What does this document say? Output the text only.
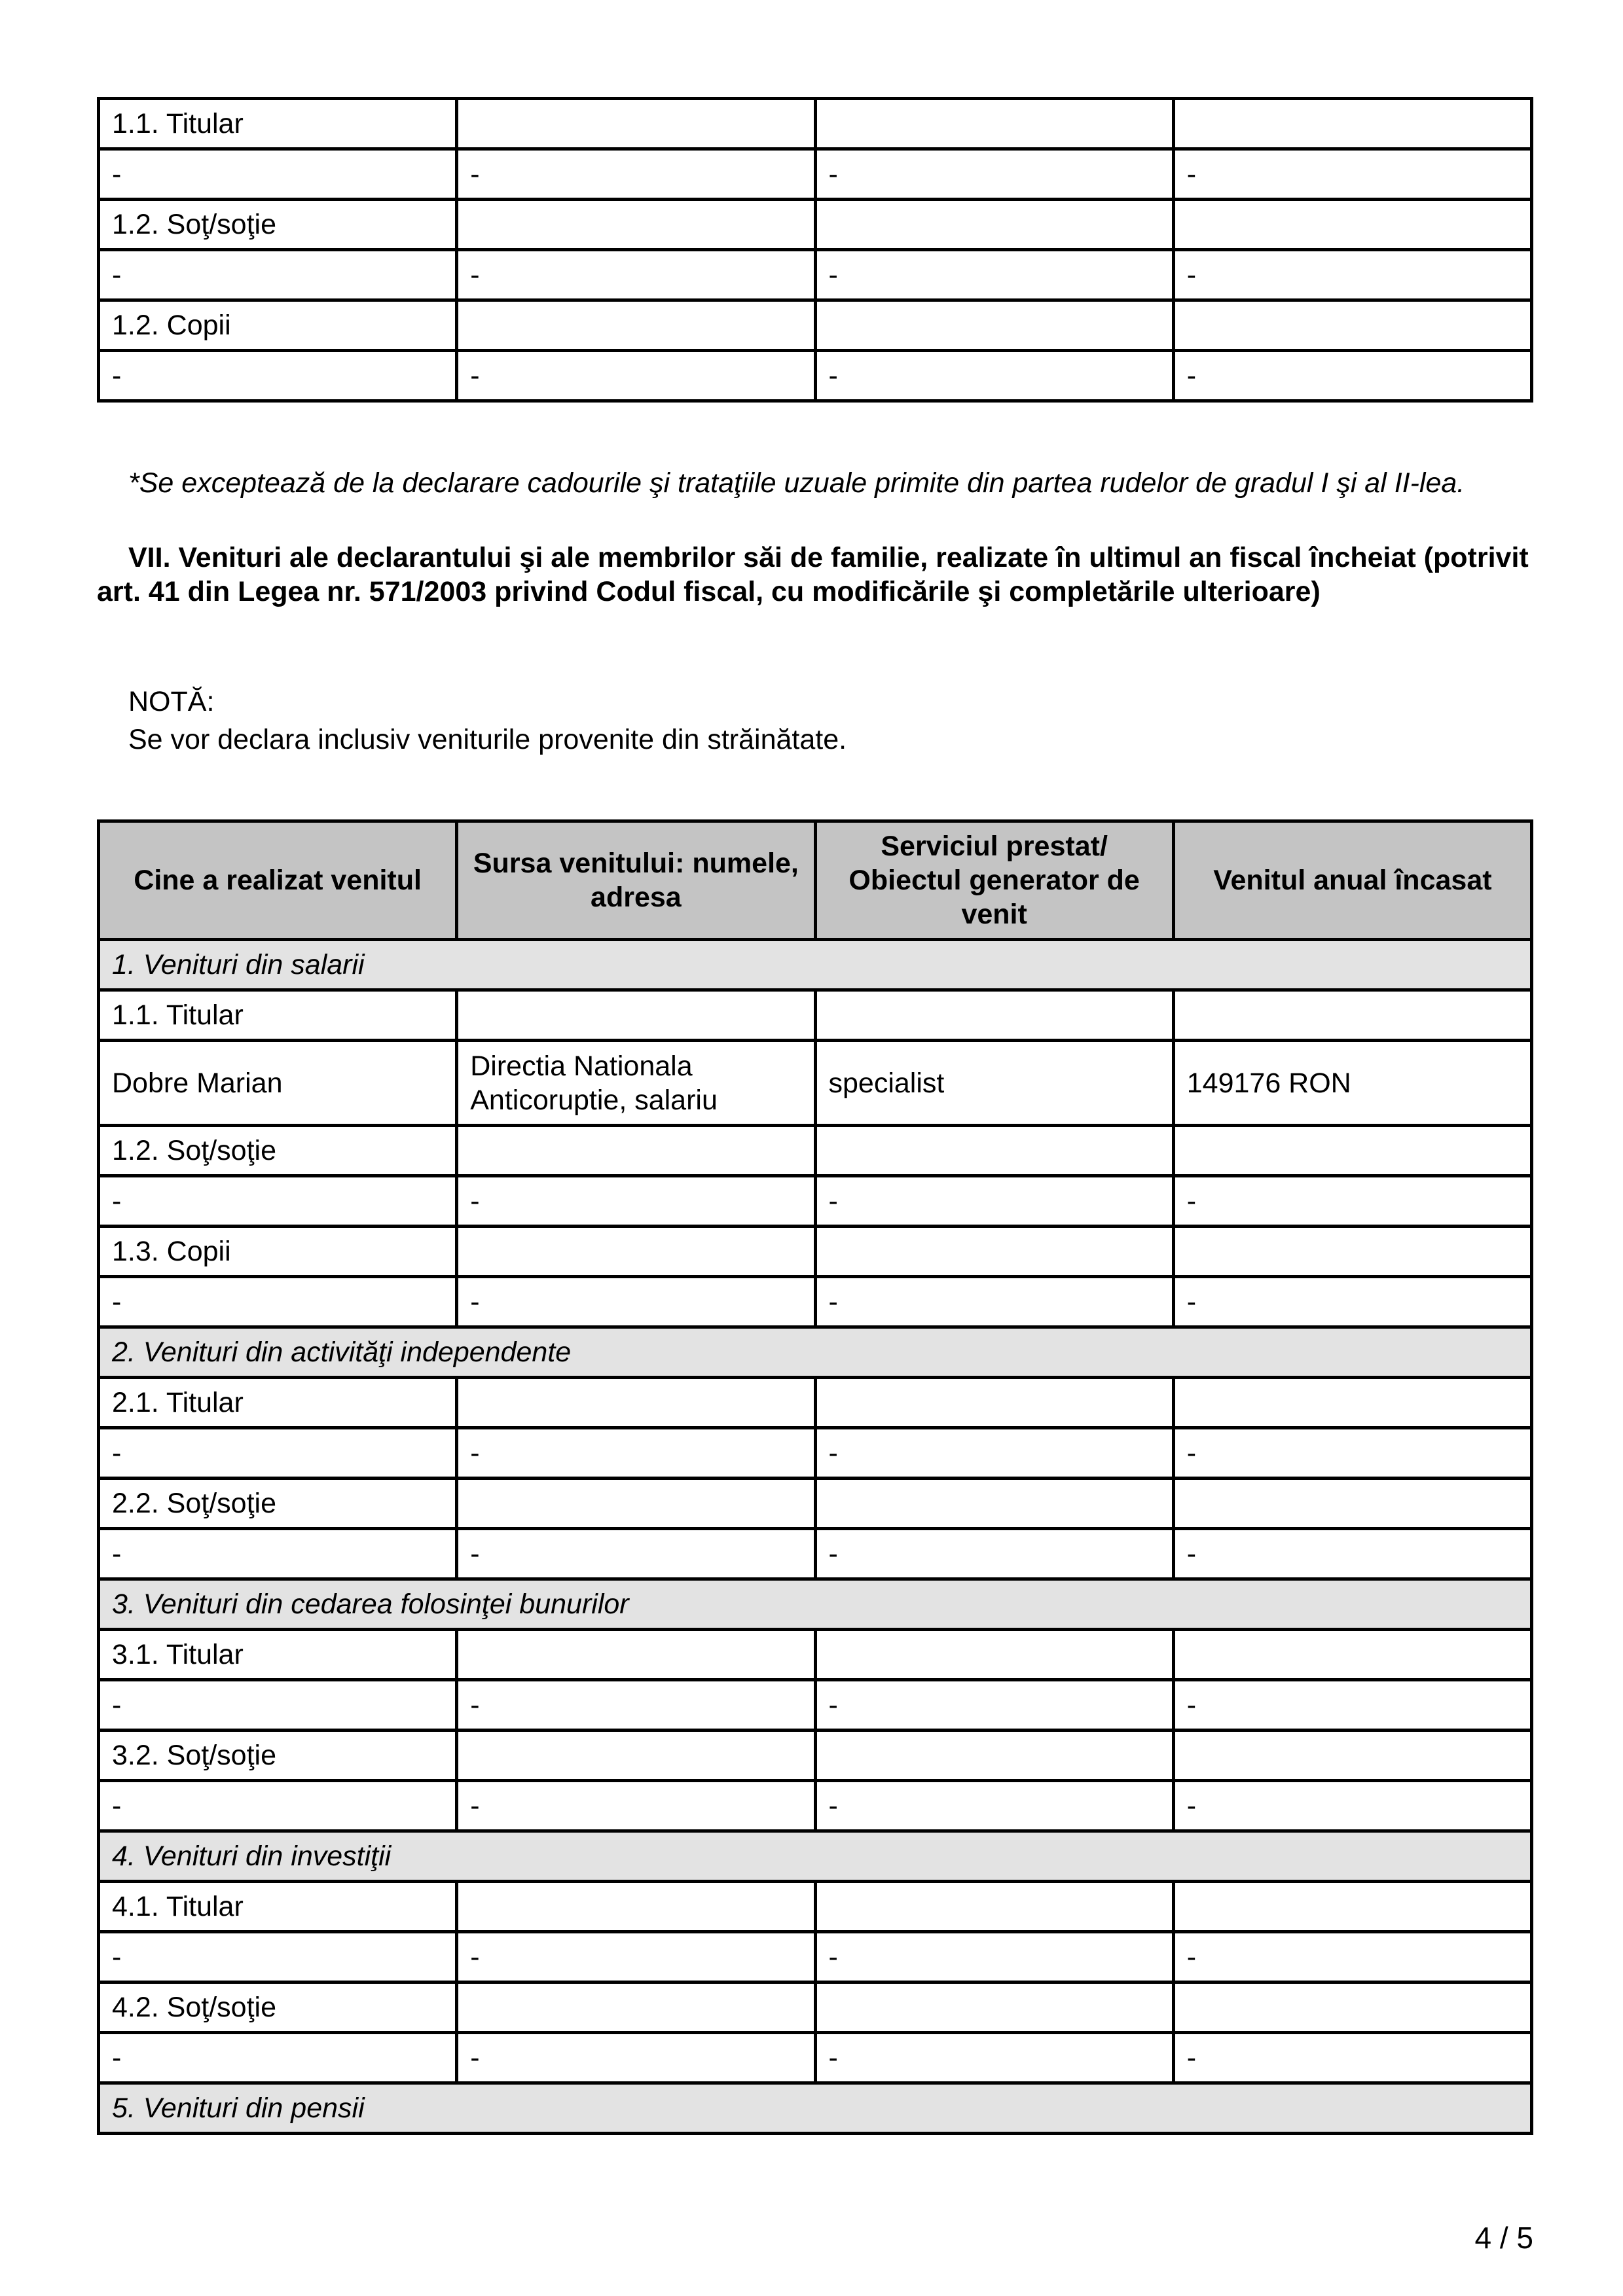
1.1. Titular			
-	-	-	-
1.2. Soţ/soţie			
-	-	-	-
1.2. Copii			
-	-	-	-
*Se exceptează de la declarare cadourile şi trataţiile uzuale primite din partea rudelor de gradul I şi al II-lea.
VII. Venituri ale declarantului şi ale membrilor săi de familie, realizate în ultimul an fiscal încheiat (potrivit art. 41 din Legea nr. 571/2003 privind Codul fiscal, cu modificările şi completările ulterioare)
NOTĂ:
Se vor declara inclusiv veniturile provenite din străinătate.
Cine a realizat venitul	Sursa venitului: numele, adresa	Serviciul prestat/ Obiectul generator de venit	Venitul anual încasat
1. Venituri din salarii			
1.1. Titular			
Dobre Marian	Directia Nationala Anticoruptie, salariu	specialist	149176 RON
1.2. Soţ/soţie			
-	-	-	-
1.3. Copii			
-	-	-	-
2. Venituri din activităţi independente			
2.1. Titular			
-	-	-	-
2.2. Soţ/soţie			
-	-	-	-
3. Venituri din cedarea folosinţei bunurilor			
3.1. Titular			
-	-	-	-
3.2. Soţ/soţie			
-	-	-	-
4. Venituri din investiţii			
4.1. Titular			
-	-	-	-
4.2. Soţ/soţie			
-	-	-	-
5. Venituri din pensii			
4 / 5
